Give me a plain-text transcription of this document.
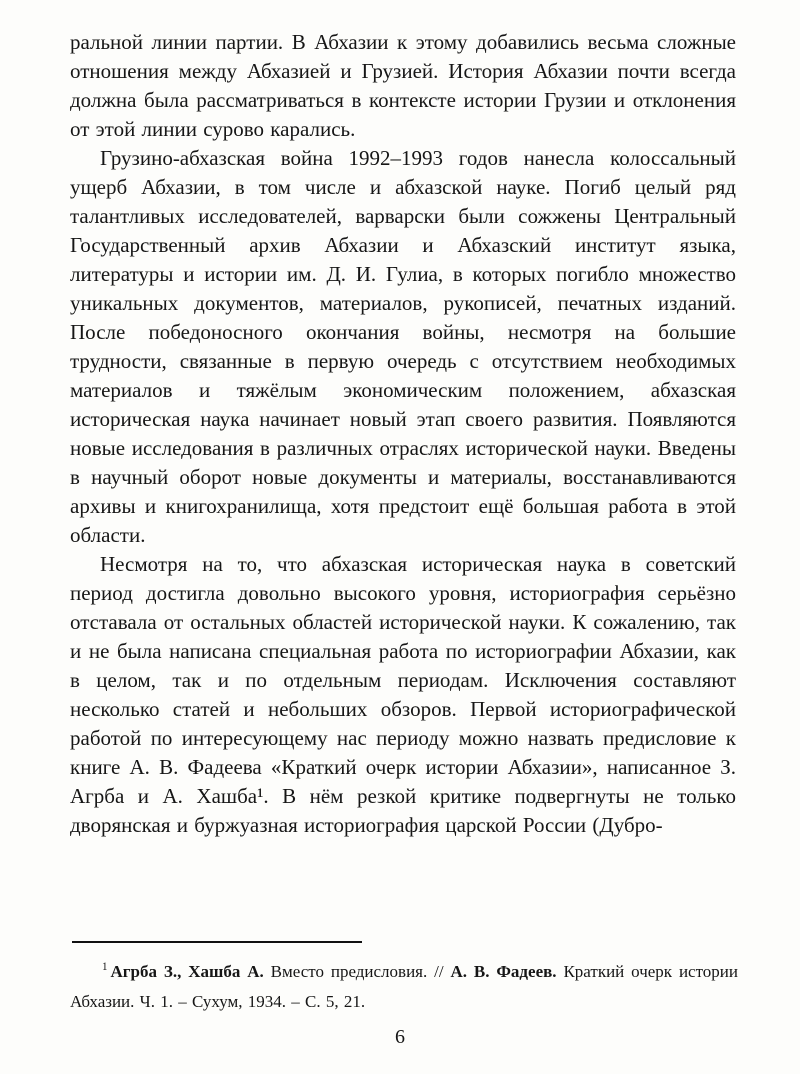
ральной линии партии. В Абхазии к этому добавились весьма сложные отношения между Абхазией и Грузией. История Абхазии почти всегда должна была рассматриваться в контексте истории Грузии и отклонения от этой линии сурово карались.

Грузино-абхазская война 1992–1993 годов нанесла колоссальный ущерб Абхазии, в том числе и абхазской науке. Погиб целый ряд талантливых исследователей, варварски были сожжены Центральный Государственный архив Абхазии и Абхазский институт языка, литературы и истории им. Д. И. Гулиа, в которых погибло множество уникальных документов, материалов, рукописей, печатных изданий. После победоносного окончания войны, несмотря на большие трудности, связанные в первую очередь с отсутствием необходимых материалов и тяжёлым экономическим положением, абхазская историческая наука начинает новый этап своего развития. Появляются новые исследования в различных отраслях исторической науки. Введены в научный оборот новые документы и материалы, восстанавливаются архивы и книгохранилища, хотя предстоит ещё большая работа в этой области.

Несмотря на то, что абхазская историческая наука в советский период достигла довольно высокого уровня, историография серьёзно отставала от остальных областей исторической науки. К сожалению, так и не была написана специальная работа по историографии Абхазии, как в целом, так и по отдельным периодам. Исключения составляют несколько статей и небольших обзоров. Первой историографической работой по интересующему нас периоду можно назвать предисловие к книге А. В. Фадеева «Краткий очерк истории Абхазии», написанное З. Агрба и А. Хашба¹. В нём резкой критике подвергнуты не только дворянская и буржуазная историография царской России (Дубро-

$^1$ Агрба З., Хашба А. Вместо предисловия. // А. В. Фадеев. Краткий очерк истории Абхазии. Ч. 1. – Сухум, 1934. – С. 5, 21.

6
